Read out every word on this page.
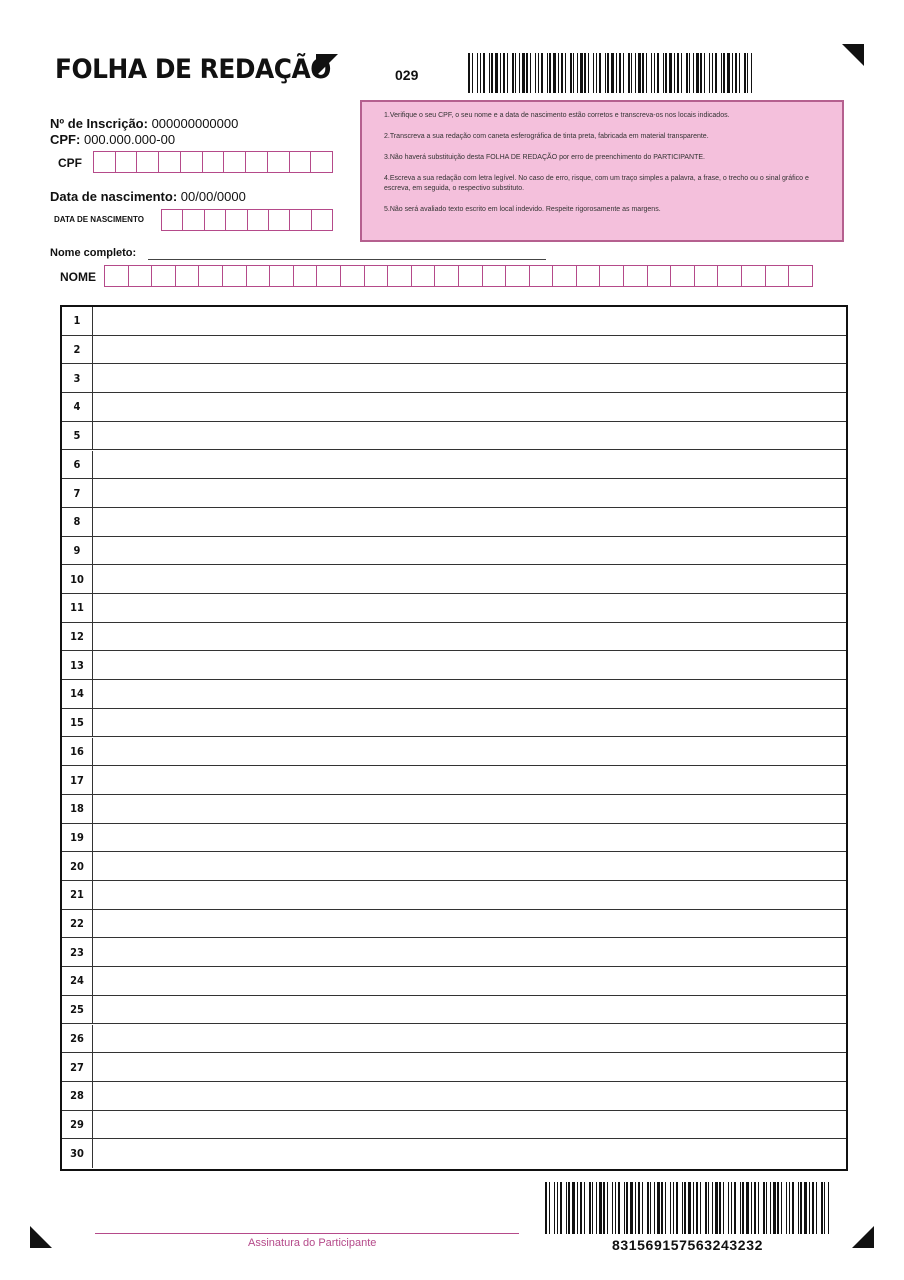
FOLHA DE REDAÇÃO	029
Nº de Inscrição: 000000000000
CPF: 000.000.000-00
CPF
Data de nascimento: 00/00/0000
DATA DE NASCIMENTO

1.Verifique o seu CPF, o seu nome e a data de nascimento estão corretos e transcreva-os nos locais indicados.

2.Transcreva a sua redação com caneta esferográfica de tinta preta, fabricada em material transparente.

3.Não haverá substituição desta FOLHA DE REDAÇÃO por erro de preenchimento do PARTICIPANTE.

4.Escreva a sua redação com letra legível. No caso de erro, risque, com um traço simples a palavra, a frase, o trecho ou o sinal gráfico e escreva, em seguida, o respectivo substituto.

5.Não será avaliado texto escrito em local indevido. Respeite rigorosamente as margens.

Nome completo:
NOME
1
2
3
4
5
6
7
8
9
10
11
12
13
14
15
16
17
18
19
20
21
22
23
24
25
26
27
28
29
30
Assinatura do Participante	831569157563243232
